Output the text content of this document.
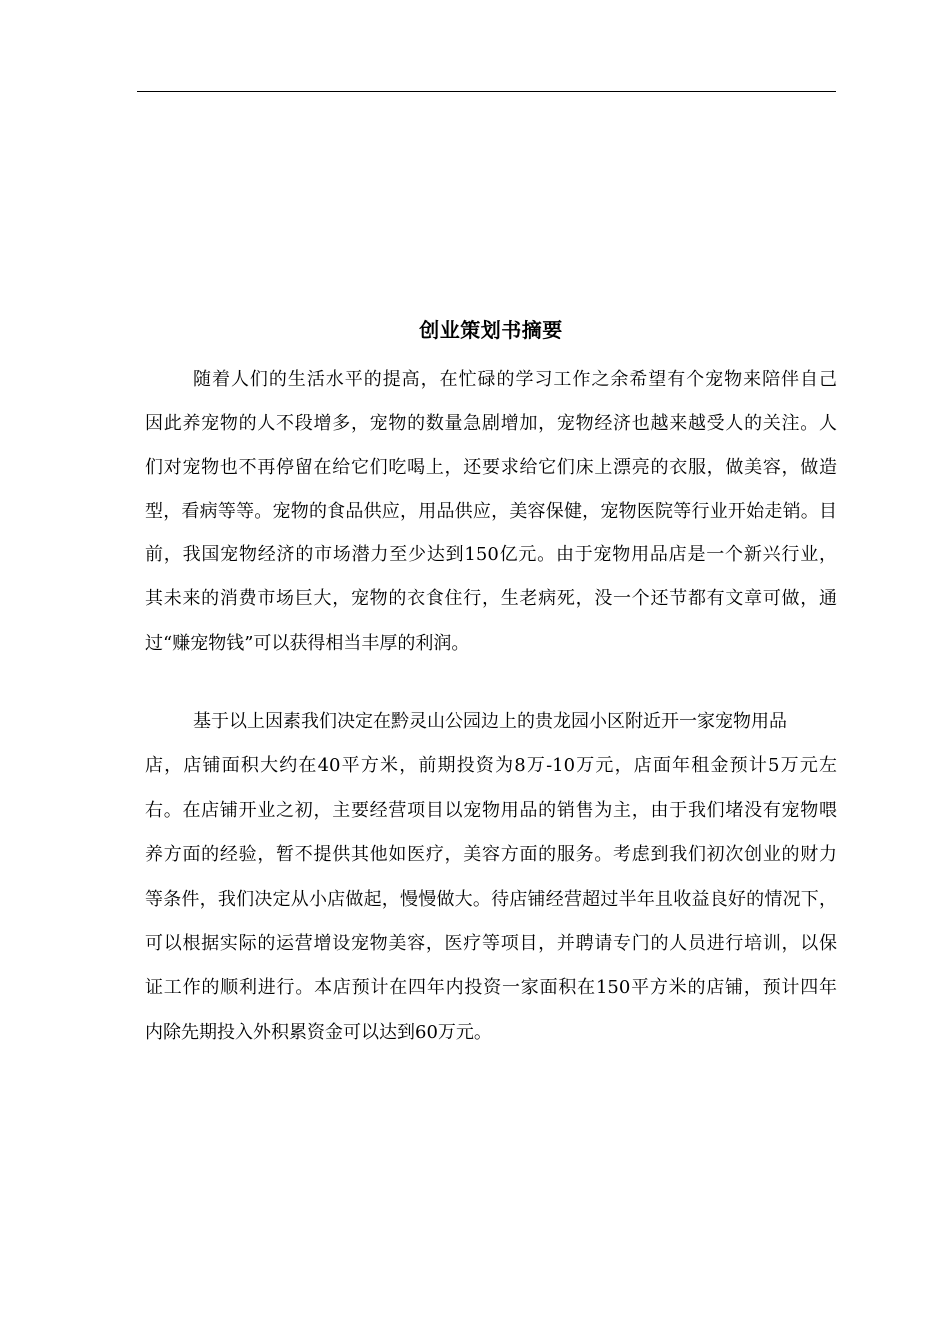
创业策划书摘要
随着人们的生活水平的提高，在忙碌的学习工作之余希望有个宠物来陪伴自己
因此养宠物的人不段增多，宠物的数量急剧增加，宠物经济也越来越受人的关注。人
们对宠物也不再停留在给它们吃喝上，还要求给它们床上漂亮的衣服，做美容，做造
型，看病等等。宠物的食品供应，用品供应，美容保健，宠物医院等行业开始走销。目
前，我国宠物经济的市场潜力至少达到150亿元。由于宠物用品店是一个新兴行业，
其未来的消费市场巨大，宠物的衣食住行，生老病死，没一个还节都有文章可做，通
过“赚宠物钱”可以获得相当丰厚的利润。
基于以上因素我们决定在黔灵山公园边上的贵龙园小区附近开一家宠物用品
店，店铺面积大约在40平方米，前期投资为8万-10万元，店面年租金预计5万元左
右。在店铺开业之初，主要经营项目以宠物用品的销售为主，由于我们堵没有宠物喂
养方面的经验，暂不提供其他如医疗，美容方面的服务。考虑到我们初次创业的财力
等条件，我们决定从小店做起，慢慢做大。待店铺经营超过半年且收益良好的情况下，
可以根据实际的运营增设宠物美容，医疗等项目，并聘请专门的人员进行培训，以保
证工作的顺利进行。本店预计在四年内投资一家面积在150平方米的店铺，预计四年
内除先期投入外积累资金可以达到60万元。
